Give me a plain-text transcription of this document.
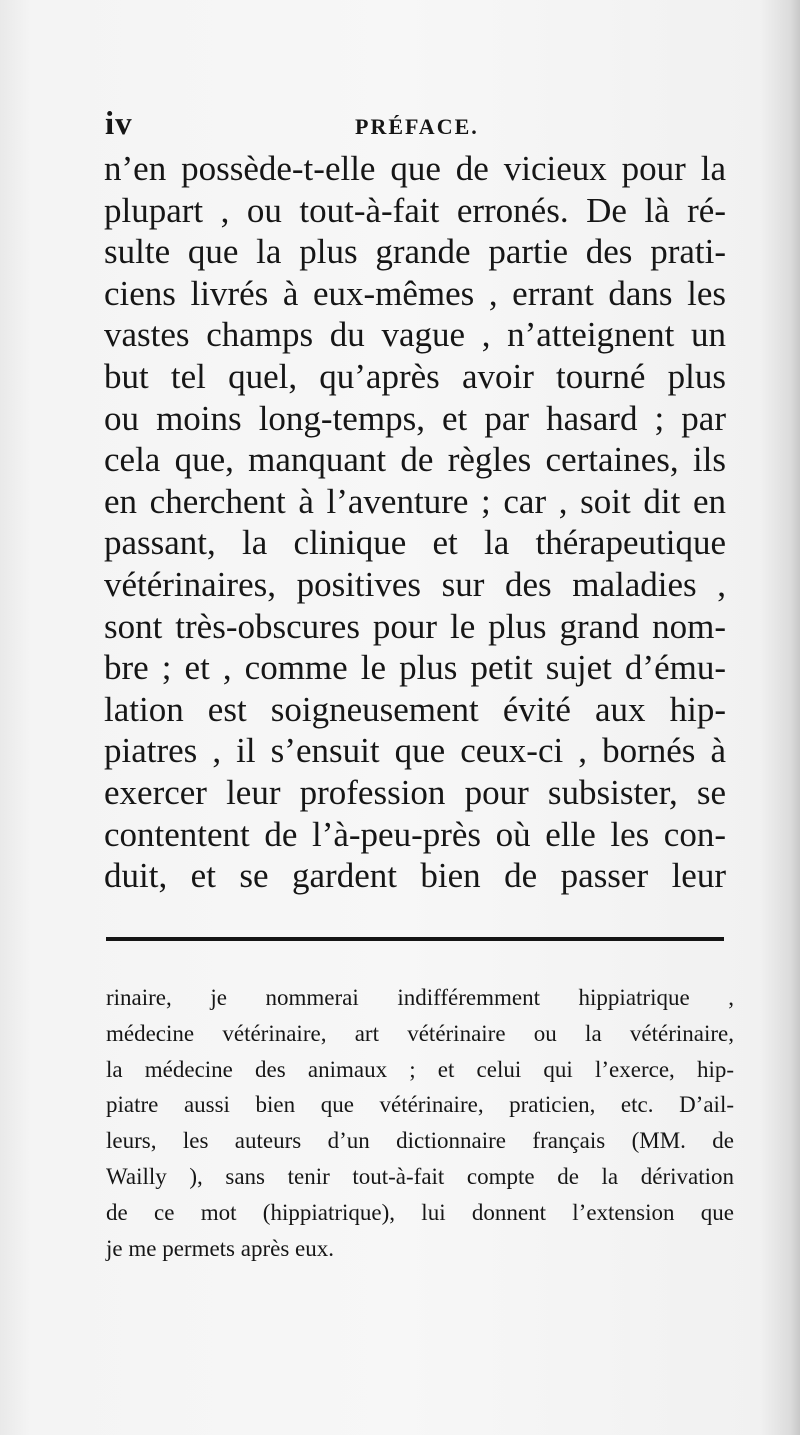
iv	PRÉFACE.
n’en possède-t-elle que de vicieux pour la
plupart , ou tout-à-fait erronés. De là ré-
sulte que la plus grande partie des prati-
ciens livrés à eux-mêmes , errant dans les
vastes champs du vague , n’atteignent un
but tel quel, qu’après avoir tourné plus
ou moins long-temps, et par hasard ; par
cela que, manquant de règles certaines, ils
en cherchent à l’aventure ; car , soit dit en
passant, la clinique et la thérapeutique
vétérinaires, positives sur des maladies ,
sont très-obscures pour le plus grand nom-
bre ; et , comme le plus petit sujet d’ému-
lation est soigneusement évité aux hip-
piatres , il s’ensuit que ceux-ci , bornés à
exercer leur profession pour subsister, se
contentent de l’à-peu-près où elle les con-
duit, et se gardent bien de passer leur
rinaire, je nommerai indifféremment hippiatrique ,
médecine vétérinaire, art vétérinaire ou la vétérinaire,
la médecine des animaux ; et celui qui l’exerce, hip-
piatre aussi bien que vétérinaire, praticien, etc. D’ail-
leurs, les auteurs d’un dictionnaire français (MM. de
Wailly ), sans tenir tout-à-fait compte de la dérivation
de ce mot (hippiatrique), lui donnent l’extension que
je me permets après eux.
